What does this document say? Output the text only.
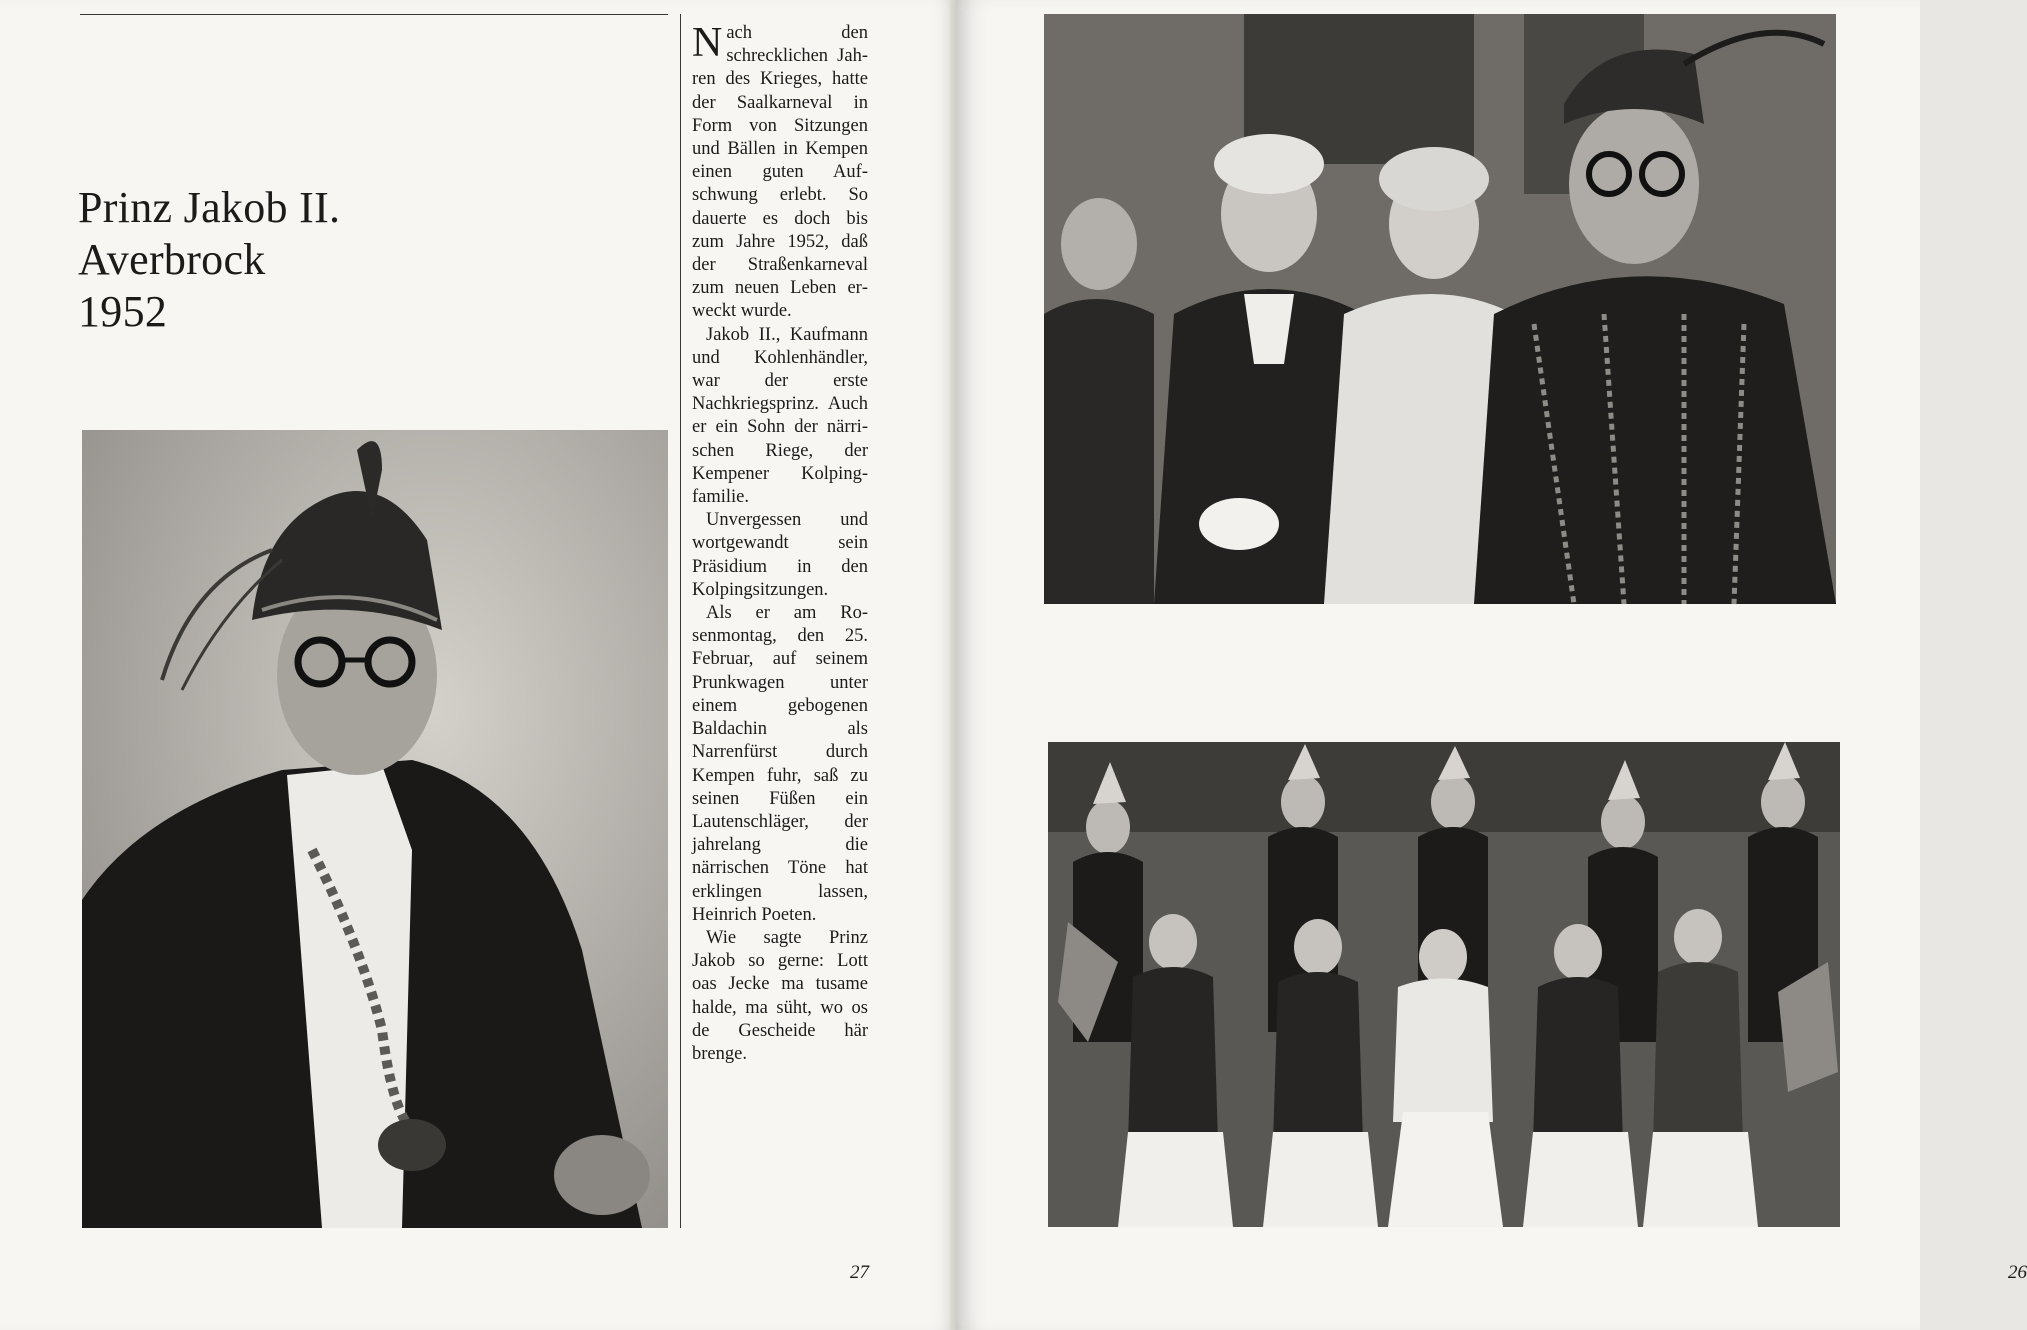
Prinz Jakob II.
Averbrock
1952

Nach den schrecklichen Jahren des Krieges, hatte der Saalkarneval in Form von Sitzungen und Bällen in Kempen einen guten Aufschwung erlebt. So dauerte es doch bis zum Jahre 1952, daß der Straßenkarneval zum neuen Leben erweckt wurde.

Jakob II., Kaufmann und Kohlenhändler, war der erste Nachkriegsprinz. Auch er ein Sohn der närrischen Riege, der Kempener Kolpingfamilie.

Unvergessen und wortgewandt sein Präsidium in den Kolpingsitzungen.

Als er am Rosenmontag, den 25. Februar, auf seinem Prunkwagen unter einem gebogenen Baldachin als Narrenfürst durch Kempen fuhr, saß zu seinen Füßen ein Lautenschläger, der jahrelang die närrischen Töne hat erklingen lassen, Heinrich Poeten.

Wie sagte Prinz Jakob so gerne: Lott oas Jecke ma tusame halde, ma süht, wo os de Gescheide här brenge.

27	26
